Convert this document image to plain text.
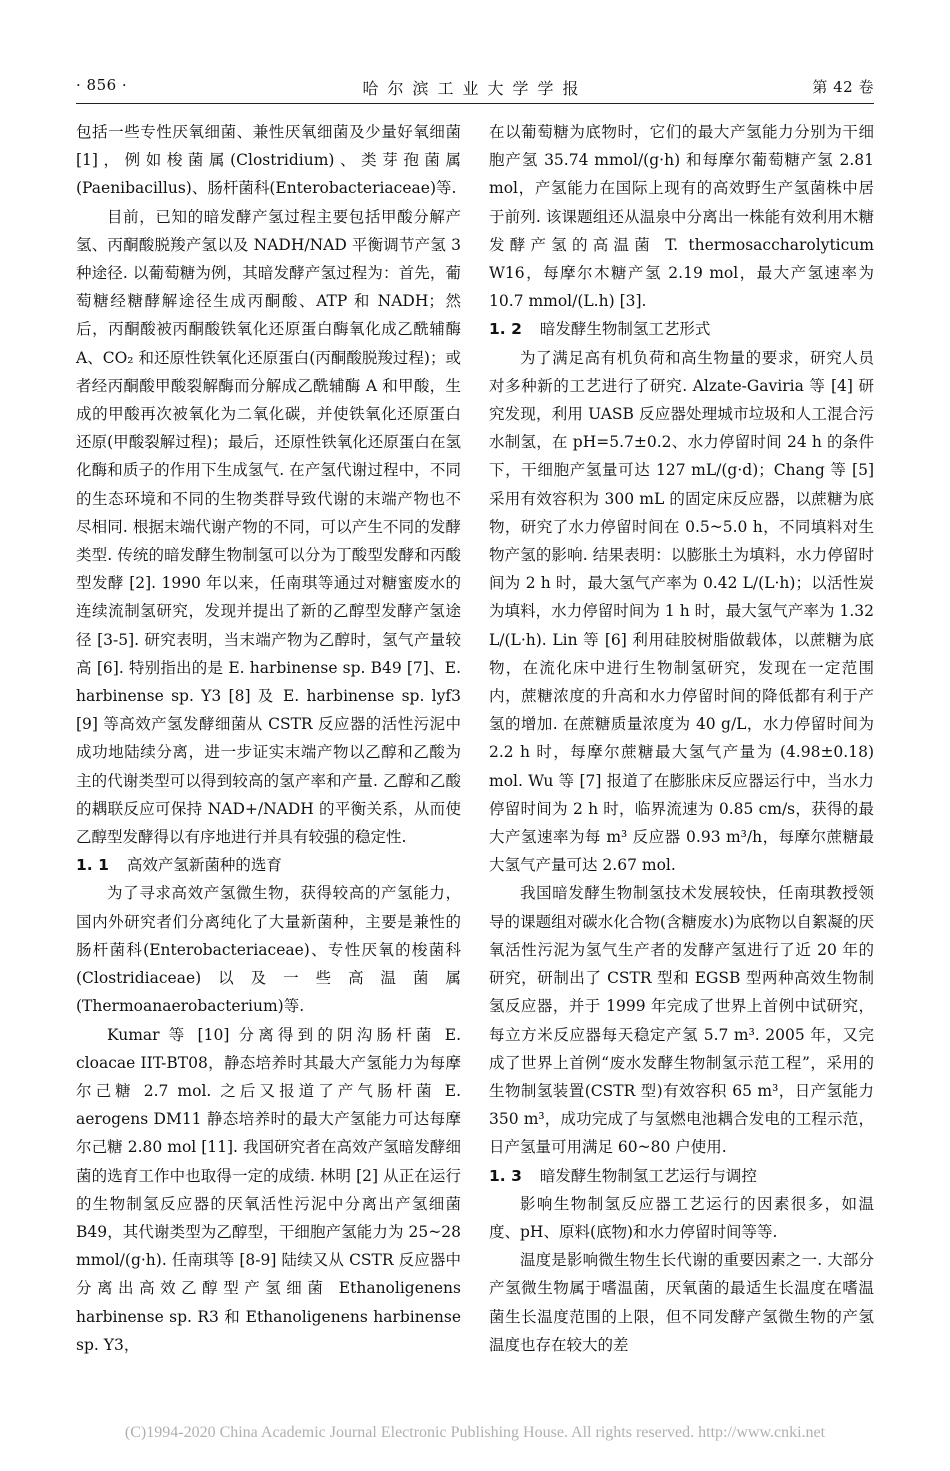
· 856 ·	哈尔滨工业大学学报	第 42 卷

包括一些专性厌氧细菌、兼性厌氧细菌及少量好氧细菌 [1]，例如梭菌属(Clostridium)、类芽孢菌属(Paenibacillus)、肠杆菌科(Enterobacteriaceae)等.

目前，已知的暗发酵产氢过程主要包括甲酸分解产氢、丙酮酸脱羧产氢以及 NADH/NAD 平衡调节产氢 3 种途径. 以葡萄糖为例，其暗发酵产氢过程为：首先，葡萄糖经糖酵解途径生成丙酮酸、ATP 和 NADH；然后，丙酮酸被丙酮酸铁氧化还原蛋白酶氧化成乙酰辅酶 A、CO₂ 和还原性铁氧化还原蛋白(丙酮酸脱羧过程)；或者经丙酮酸甲酸裂解酶而分解成乙酰辅酶 A 和甲酸，生成的甲酸再次被氧化为二氧化碳，并使铁氧化还原蛋白还原(甲酸裂解过程)；最后，还原性铁氧化还原蛋白在氢化酶和质子的作用下生成氢气. 在产氢代谢过程中，不同的生态环境和不同的生物类群导致代谢的末端产物也不尽相同. 根据末端代谢产物的不同，可以产生不同的发酵类型. 传统的暗发酵生物制氢可以分为丁酸型发酵和丙酸型发酵 [2]. 1990 年以来，任南琪等通过对糖蜜废水的连续流制氢研究，发现并提出了新的乙醇型发酵产氢途径 [3-5]. 研究表明，当末端产物为乙醇时，氢气产量较高 [6]. 特别指出的是 E. harbinense sp. B49 [7]、E. harbinense sp. Y3 [8] 及 E. harbinense sp. lyf3 [9] 等高效产氢发酵细菌从 CSTR 反应器的活性污泥中成功地陆续分离，进一步证实末端产物以乙醇和乙酸为主的代谢类型可以得到较高的氢产率和产量. 乙醇和乙酸的耦联反应可保持 NAD+/NADH 的平衡关系，从而使乙醇型发酵得以有序地进行并具有较强的稳定性.

1. 1 高效产氢新菌种的选育

为了寻求高效产氢微生物，获得较高的产氢能力，国内外研究者们分离纯化了大量新菌种，主要是兼性的肠杆菌科(Enterobacteriaceae)、专性厌氧的梭菌科(Clostridiaceae)以及一些高温菌属(Thermoanaerobacterium)等.

Kumar 等 [10] 分离得到的阴沟肠杆菌 E. cloacae IIT-BT08，静态培养时其最大产氢能力为每摩尔己糖 2.7 mol. 之后又报道了产气肠杆菌 E. aerogens DM11 静态培养时的最大产氢能力可达每摩尔己糖 2.80 mol [11]. 我国研究者在高效产氢暗发酵细菌的选育工作中也取得一定的成绩. 林明 [2] 从正在运行的生物制氢反应器的厌氧活性污泥中分离出产氢细菌 B49，其代谢类型为乙醇型，干细胞产氢能力为 25~28 mmol/(g·h). 任南琪等 [8-9] 陆续又从 CSTR 反应器中分离出高效乙醇型产氢细菌 Ethanoligenens harbinense sp. R3 和 Ethanoligenens harbinense sp. Y3，

在以葡萄糖为底物时，它们的最大产氢能力分别为干细胞产氢 35.74 mmol/(g·h) 和每摩尔葡萄糖产氢 2.81 mol，产氢能力在国际上现有的高效野生产氢菌株中居于前列. 该课题组还从温泉中分离出一株能有效利用木糖发酵产氢的高温菌 T. thermosaccharolyticum W16，每摩尔木糖产氢 2.19 mol，最大产氢速率为 10.7 mmol/(L.h) [3].

1. 2 暗发酵生物制氢工艺形式

为了满足高有机负荷和高生物量的要求，研究人员对多种新的工艺进行了研究. Alzate-Gaviria 等 [4] 研究发现，利用 UASB 反应器处理城市垃圾和人工混合污水制氢，在 pH=5.7±0.2、水力停留时间 24 h 的条件下，干细胞产氢量可达 127 mL/(g·d)；Chang 等 [5] 采用有效容积为 300 mL 的固定床反应器，以蔗糖为底物，研究了水力停留时间在 0.5~5.0 h，不同填料对生物产氢的影响. 结果表明：以膨胀土为填料，水力停留时间为 2 h 时，最大氢气产率为 0.42 L/(L·h)；以活性炭为填料，水力停留时间为 1 h 时，最大氢气产率为 1.32 L/(L·h). Lin 等 [6] 利用硅胶树脂做载体，以蔗糖为底物，在流化床中进行生物制氢研究，发现在一定范围内，蔗糖浓度的升高和水力停留时间的降低都有利于产氢的增加. 在蔗糖质量浓度为 40 g/L，水力停留时间为 2.2 h 时，每摩尔蔗糖最大氢气产量为 (4.98±0.18) mol. Wu 等 [7] 报道了在膨胀床反应器运行中，当水力停留时间为 2 h 时，临界流速为 0.85 cm/s，获得的最大产氢速率为每 m³ 反应器 0.93 m³/h，每摩尔蔗糖最大氢气产量可达 2.67 mol.

我国暗发酵生物制氢技术发展较快，任南琪教授领导的课题组对碳水化合物(含糖废水)为底物以自絮凝的厌氧活性污泥为氢气生产者的发酵产氢进行了近 20 年的研究，研制出了 CSTR 型和 EGSB 型两种高效生物制氢反应器，并于 1999 年完成了世界上首例中试研究，每立方米反应器每天稳定产氢 5.7 m³. 2005 年，又完成了世界上首例“废水发酵生物制氢示范工程”，采用的生物制氢装置(CSTR 型)有效容积 65 m³，日产氢能力 350 m³，成功完成了与氢燃电池耦合发电的工程示范，日产氢量可用满足 60~80 户使用.

1. 3 暗发酵生物制氢工艺运行与调控

影响生物制氢反应器工艺运行的因素很多，如温度、pH、原料(底物)和水力停留时间等等.

温度是影响微生物生长代谢的重要因素之一. 大部分产氢微生物属于嗜温菌，厌氧菌的最适生长温度在嗜温菌生长温度范围的上限，但不同发酵产氢微生物的产氢温度也存在较大的差

(C)1994-2020 China Academic Journal Electronic Publishing House. All rights reserved. http://www.cnki.net
